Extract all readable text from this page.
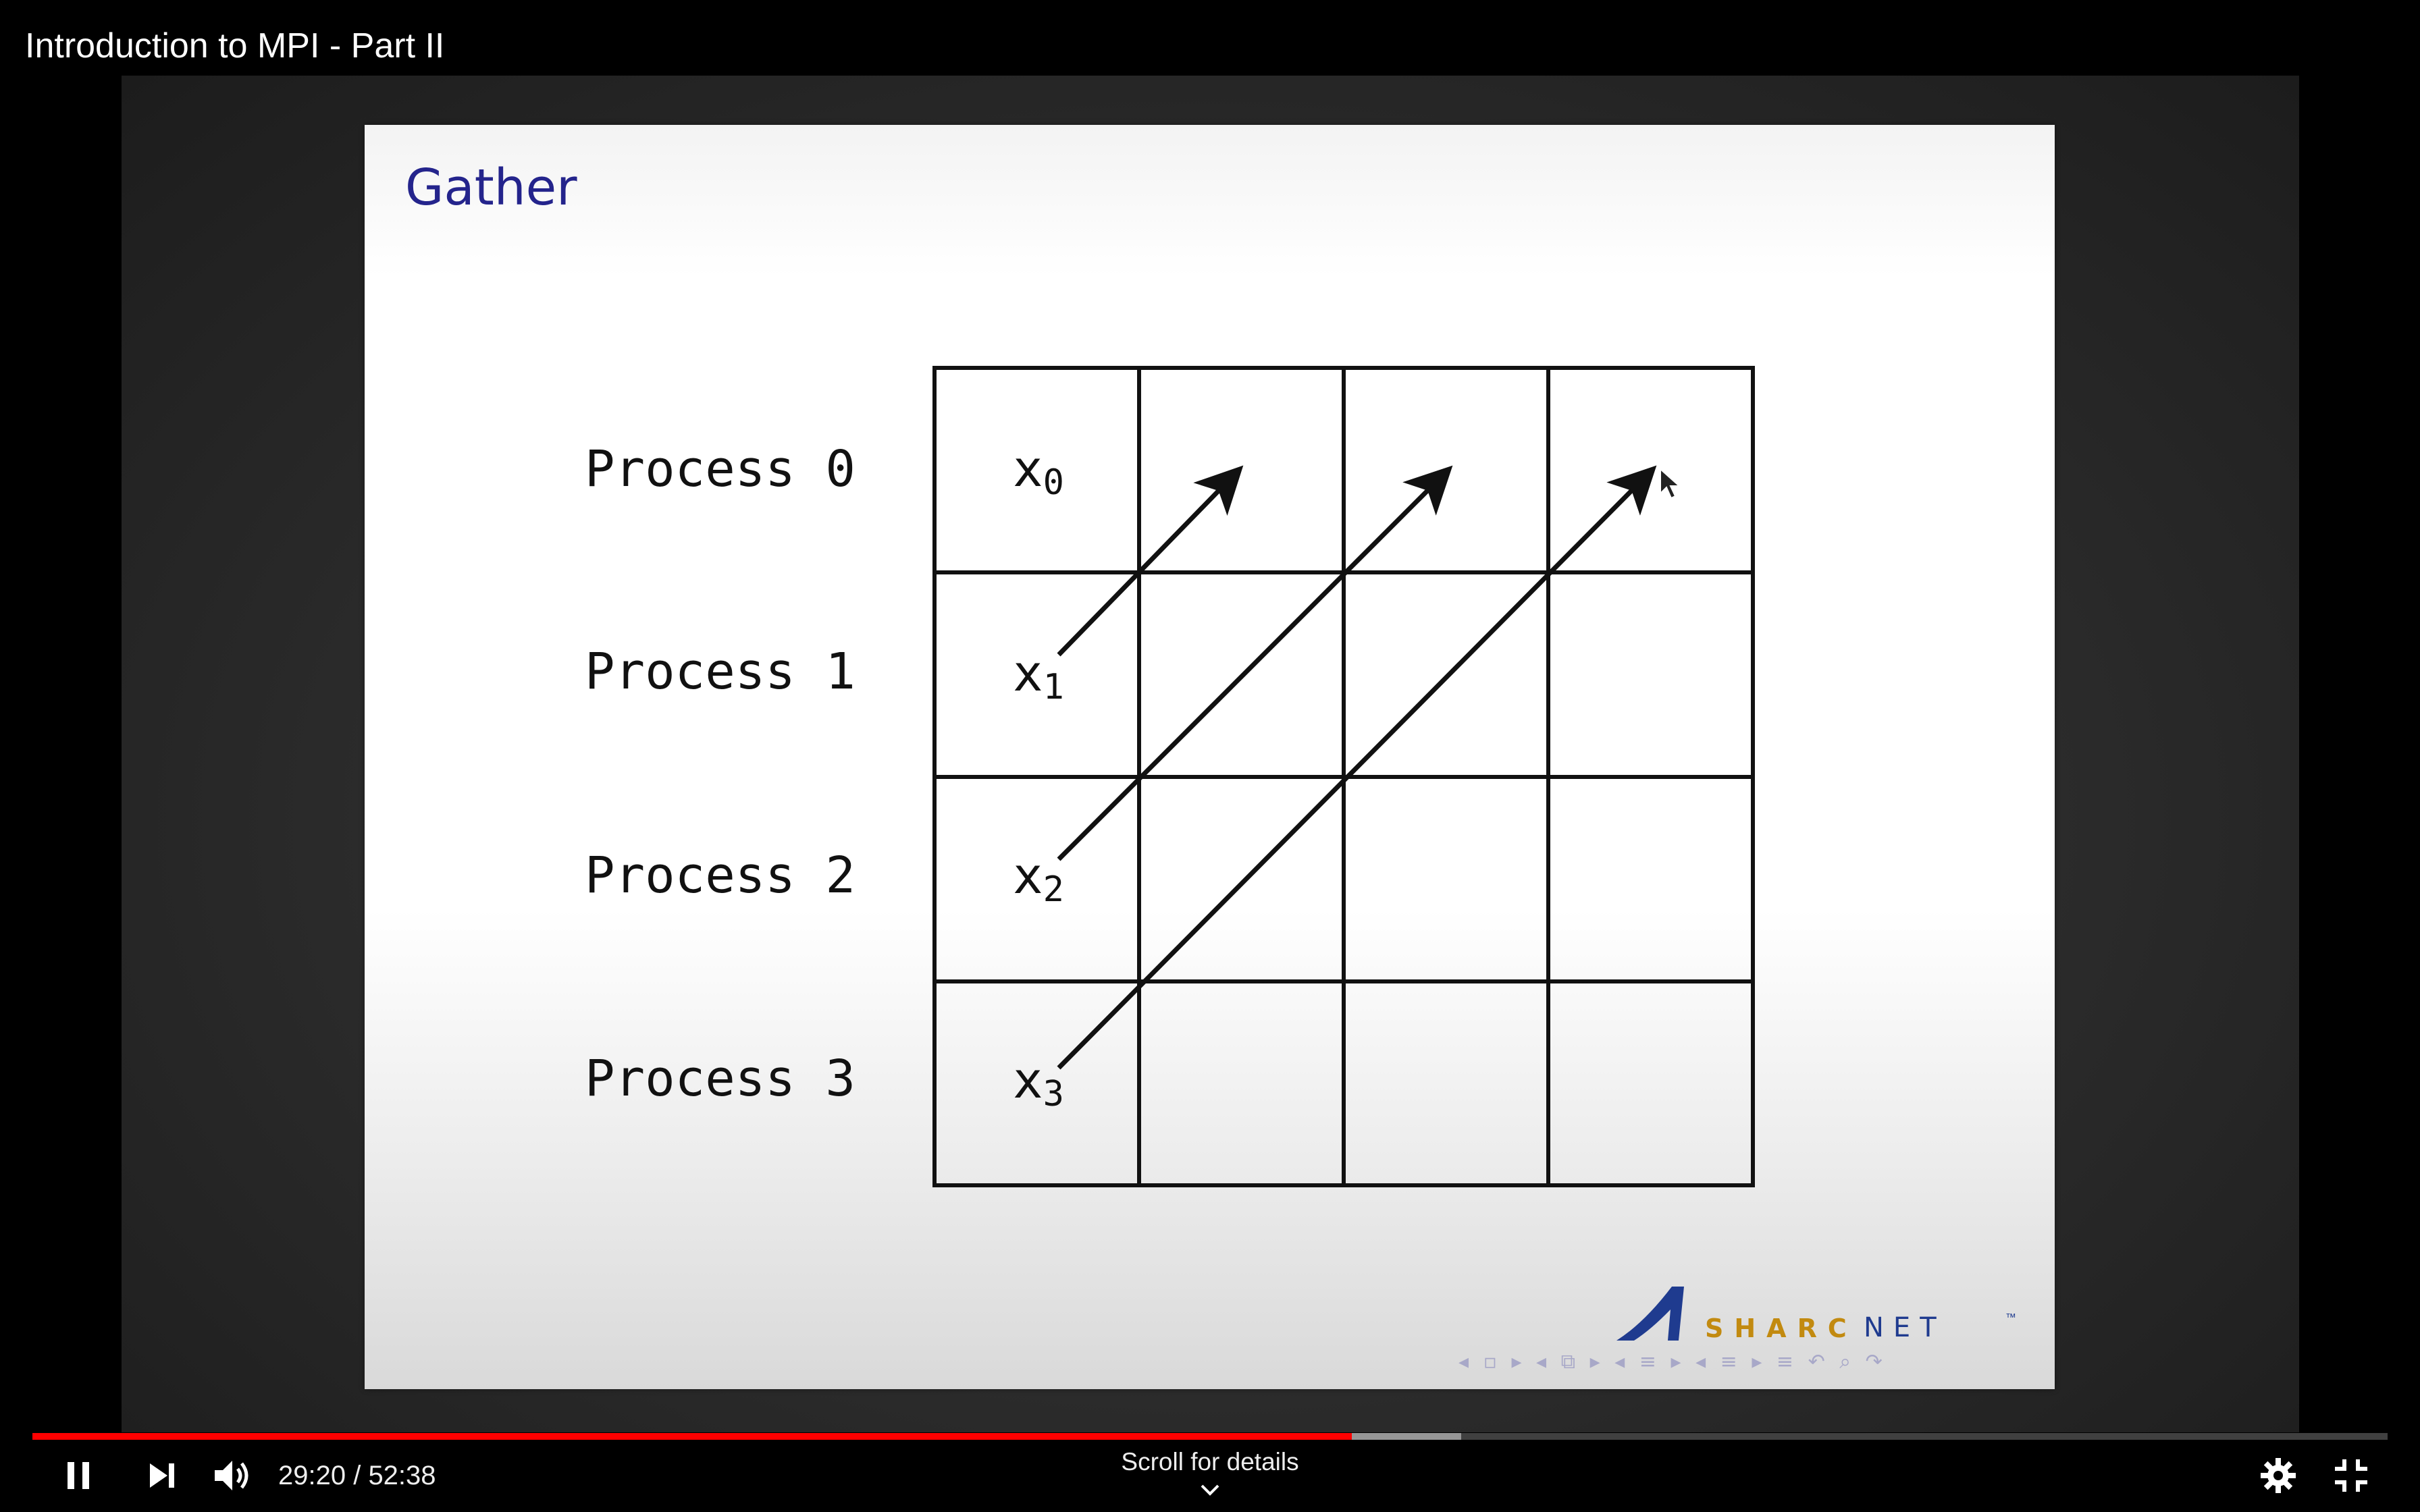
Introduction to MPI - Part II
Gather
Process 0
Process 1
Process 2
Process 3
x0
x1
x2
x3
SHARC NET	™
◂ ▫ ▸ ◂ ⧉ ▸ ◂ ≡ ▸ ◂ ≡ ▸ ≡ ↶ ⌕ ↷
29:20 / 52:38	Scroll for details
